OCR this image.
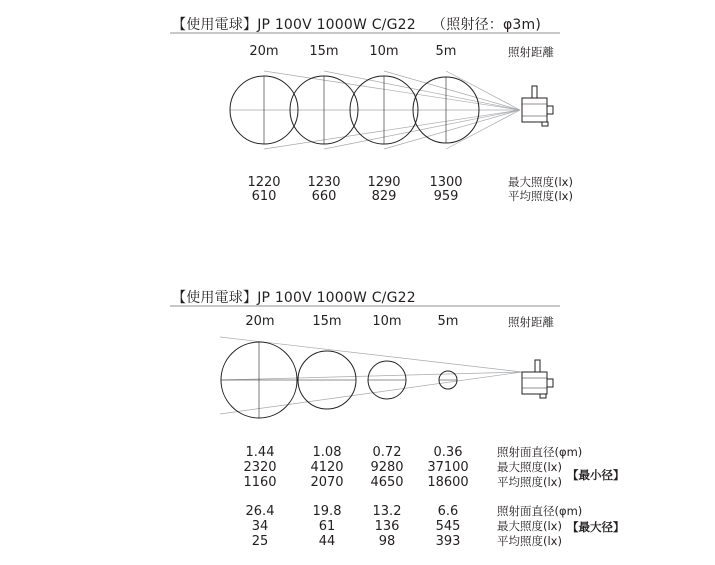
【使用電球】JP 100V 1000W C/G22 （照射径：φ3m)
20m	15m	10m	5m	照射距離
1220	1230	1290	1300	最大照度(lx)
610	660	829	959	平均照度(lx)
【使用電球】JP 100V 1000W C/G22
20m	15m	10m	5m	照射距離
1.44	1.08	0.72	0.36	照射面直径(φm)
2320	4120	9280	37100	最大照度(lx)
【最小径】
1160	2070	4650	18600	平均照度(lx)
26.4	19.8	13.2	6.6	照射面直径(φm)
34	61	136	545	最大照度(lx) 【最大径】
25	44	98	393	平均照度(lx)
